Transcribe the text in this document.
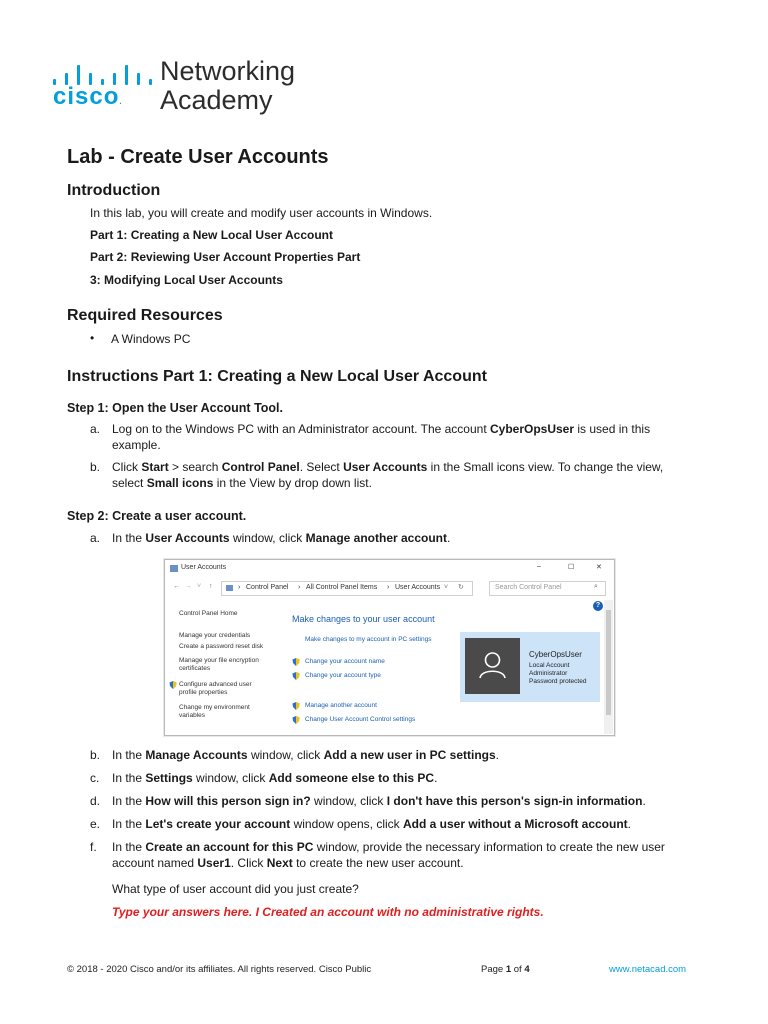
cisco.
Networking
Academy
Lab - Create User Accounts
Introduction
In this lab, you will create and modify user accounts in Windows.
Part 1: Creating a New Local User Account
Part 2: Reviewing User Account Properties Part
3: Modifying Local User Accounts
Required Resources
• A Windows PC
Instructions Part 1: Creating a New Local User Account
Step 1: Open the User Account Tool.
a. Log on to the Windows PC with an Administrator account. The account CyberOpsUser is used in this
example.
b. Click Start > search Control Panel. Select User Accounts in the Small icons view. To change the view,
select Small icons in the View by drop down list.
Step 2: Create a user account.
a. In the User Accounts window, click Manage another account.
User Accounts	–	☐	✕
← → ˅ ↑	› Control Panel › All Control Panel Items › User Accounts ˅ ↻	Search Control Panel	⌕
?
Control Panel Home
Manage your credentials
Create a password reset disk
Manage your file encryption
certificates
Configure advanced user
profile properties
Change my environment
variables
Make changes to your user account
Make changes to my account in PC settings
Change your account name
Change your account type
Manage another account
Change User Account Control settings
CyberOpsUser
Local Account
Administrator
Password protected
b. In the Manage Accounts window, click Add a new user in PC settings.
c. In the Settings window, click Add someone else to this PC.
d. In the How will this person sign in? window, click I don't have this person's sign-in information.
e. In the Let's create your account window opens, click Add a user without a Microsoft account.
f. In the Create an account for this PC window, provide the necessary information to create the new user
account named User1. Click Next to create the new user account.
What type of user account did you just create?
Type your answers here. I Created an account with no administrative rights.
© 2018 - 2020 Cisco and/or its affiliates. All rights reserved. Cisco Public	Page 1 of 4	www.netacad.com
